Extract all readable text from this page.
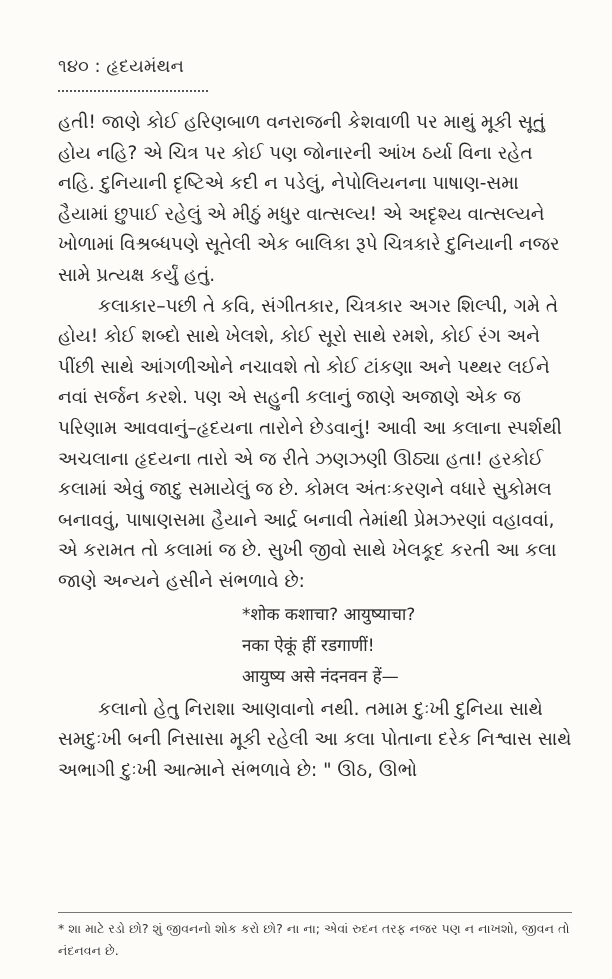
૧૪૦ : હૃદયમંથન

હતી! જાણે કોઈ હરિણબાળ વનરાજની કેશવાળી પર માથું મૂકી સૂતું હોય નહિ? એ ચિત્ર પર કોઈ પણ જોનારની આંખ ઠર્યા વિના રહેત નહિ. દુનિયાની દૃષ્ટિએ કદી ન પડેલું, નેપોલિયનના પાષાણ-સમા હૈયામાં છુપાઈ રહેલું એ મીઠું મધુર વાત્સલ્ય! એ અદૃશ્ય વાત્સલ્યને ખોળામાં વિશ્રબ્ધપણે સૂતેલી એક બાલિકા રૂપે ચિત્રકારે દુનિયાની નજર સામે પ્રત્યક્ષ કર્યું હતું.

કલાકાર–પછી તે કવિ, સંગીતકાર, ચિત્રકાર અગર શિલ્પી, ગમે તે હોય! કોઈ શબ્દો સાથે ખેલશે, કોઈ સૂરો સાથે રમશે, કોઈ રંગ અને પીંછી સાથે આંગળીઓને નચાવશે તો કોઈ ટાંકણા અને પથ્થર લઈને નવાં સર્જન કરશે. પણ એ સહુની કલાનું જાણે અજાણે એક જ પરિણામ આવવાનું–હૃદયના તારોને છેડવાનું! આવી આ કલાના સ્પર્શથી અચલાના હૃદયના તારો એ જ રીતે ઝણઝણી ઊઠ્યા હતા! હરકોઈ કલામાં એવું જાદુ સમાયેલું જ છે. કોમલ અંતઃકરણને વધારે સુકોમલ બનાવવું, પાષાણસમા હૈયાને આર્દ્ર બનાવી તેમાંથી પ્રેમઝરણાં વહાવવાં, એ કરામત તો કલામાં જ છે. સુખી જીવો સાથે ખેલકૂદ કરતી આ કલા જાણે અન્યને હસીને સંભળાવે છે:

*शोक कशाचा? आयुष्याचा?
नका ऐकूं हीं रडगाणीं!
आयुष्य असे नंदनवन हें—

કલાનો હેતુ નિરાશા આણવાનો નથી. તમામ દુઃખી દુનિયા સાથે સમદુઃખી બની નિસાસા મૂકી રહેલી આ કલા પોતાના દરેક નિશ્વાસ સાથે અભાગી દુઃખી આત્માને સંભળાવે છે: " ઊઠ, ઊભો

* શા માટે રડો છો? શું જીવનનો શોક કરો છો? ના ના; એવાં રુદન તરફ નજર પણ ન નાખશો, જીવન તો નંદનવન છે.
